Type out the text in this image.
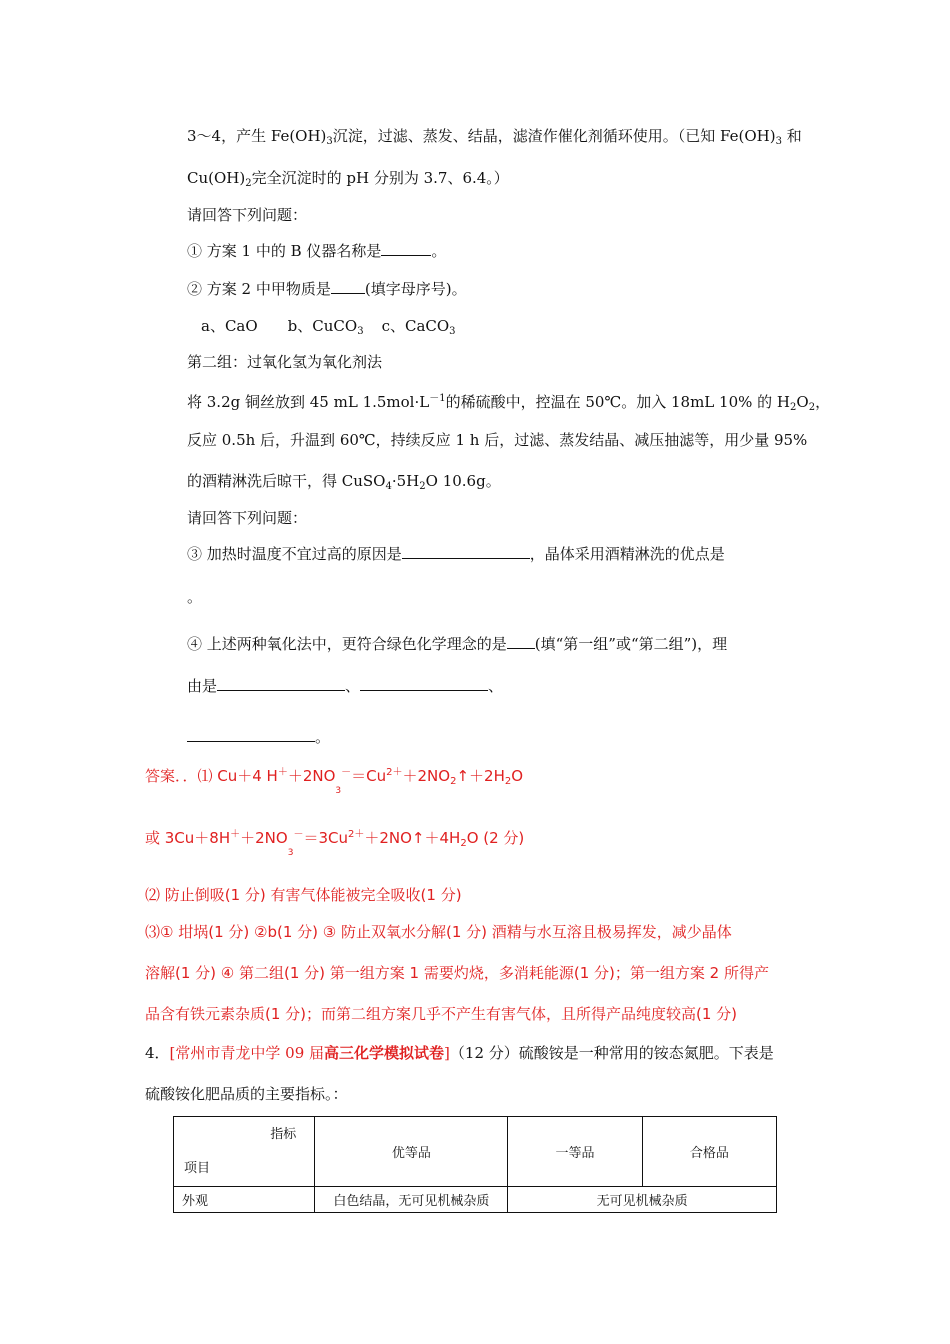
3～4，产生 $Fe(OH)_3$沉淀，过滤、蒸发、结晶，滤渣作催化剂循环使用。（已知 $Fe(OH)_3$ 和
$Cu(OH)_2$完全沉淀时的 pH 分别为 3.7、6.4。）
请回答下列问题：
① 方案 1 中的 B 仪器名称是	。
② 方案 2 中甲物质是 (填字母序号)。
a、CaO b、CuCO$_3$ c、CaCO$_3$
第二组：过氧化氢为氧化剂法
将 3.2g 铜丝放到 45 mL $1.5mol\cdot L^{-1}$的稀硫酸中，控温在 50℃。加入 18mL 10% 的 $H_2O_2$，
反应 0.5h 后，升温到 60℃，持续反应 1 h 后，过滤、蒸发结晶、减压抽滤等，用少量 95%
的酒精淋洗后晾干，得 $CuSO_4\cdot 5H_2O$ 10.6g。
请回答下列问题：
③ 加热时温度不宜过高的原因是	，晶体采用酒精淋洗的优点是
。
④ 上述两种氧化法中，更符合绿色化学理念的是 (填“第一组”或“第二组”)，理
由是	、	、
。
答案．．⑴ Cu＋4 $H^++2NO_3^-=Cu^{2+}+2NO_2↑+2H_2O$
或 $3Cu+8H^++2NO_3^-=3Cu^{2+}+2NO↑+4H_2O$ (2 分)
⑵ 防止倒吸(1 分) 有害气体能被完全吸收(1 分)
⑶① 坩埚(1 分) ②b(1 分) ③ 防止双氧水分解(1 分) 酒精与水互溶且极易挥发，减少晶体
溶解(1 分) ④ 第二组(1 分) 第一组方案 1 需要灼烧，多消耗能源(1 分)；第一组方案 2 所得产
品含有铁元素杂质(1 分)；而第二组方案几乎不产生有害气体，且所得产品纯度较高(1 分)
4．[常州市青龙中学 09 届高三化学模拟试卷]（12 分）硫酸铵是一种常用的铵态氮肥。下表是
硫酸铵化肥品质的主要指标。：
指标
项目	优等品	一等品	合格品
外观	白色结晶，无可见机械杂质	无可见机械杂质	
